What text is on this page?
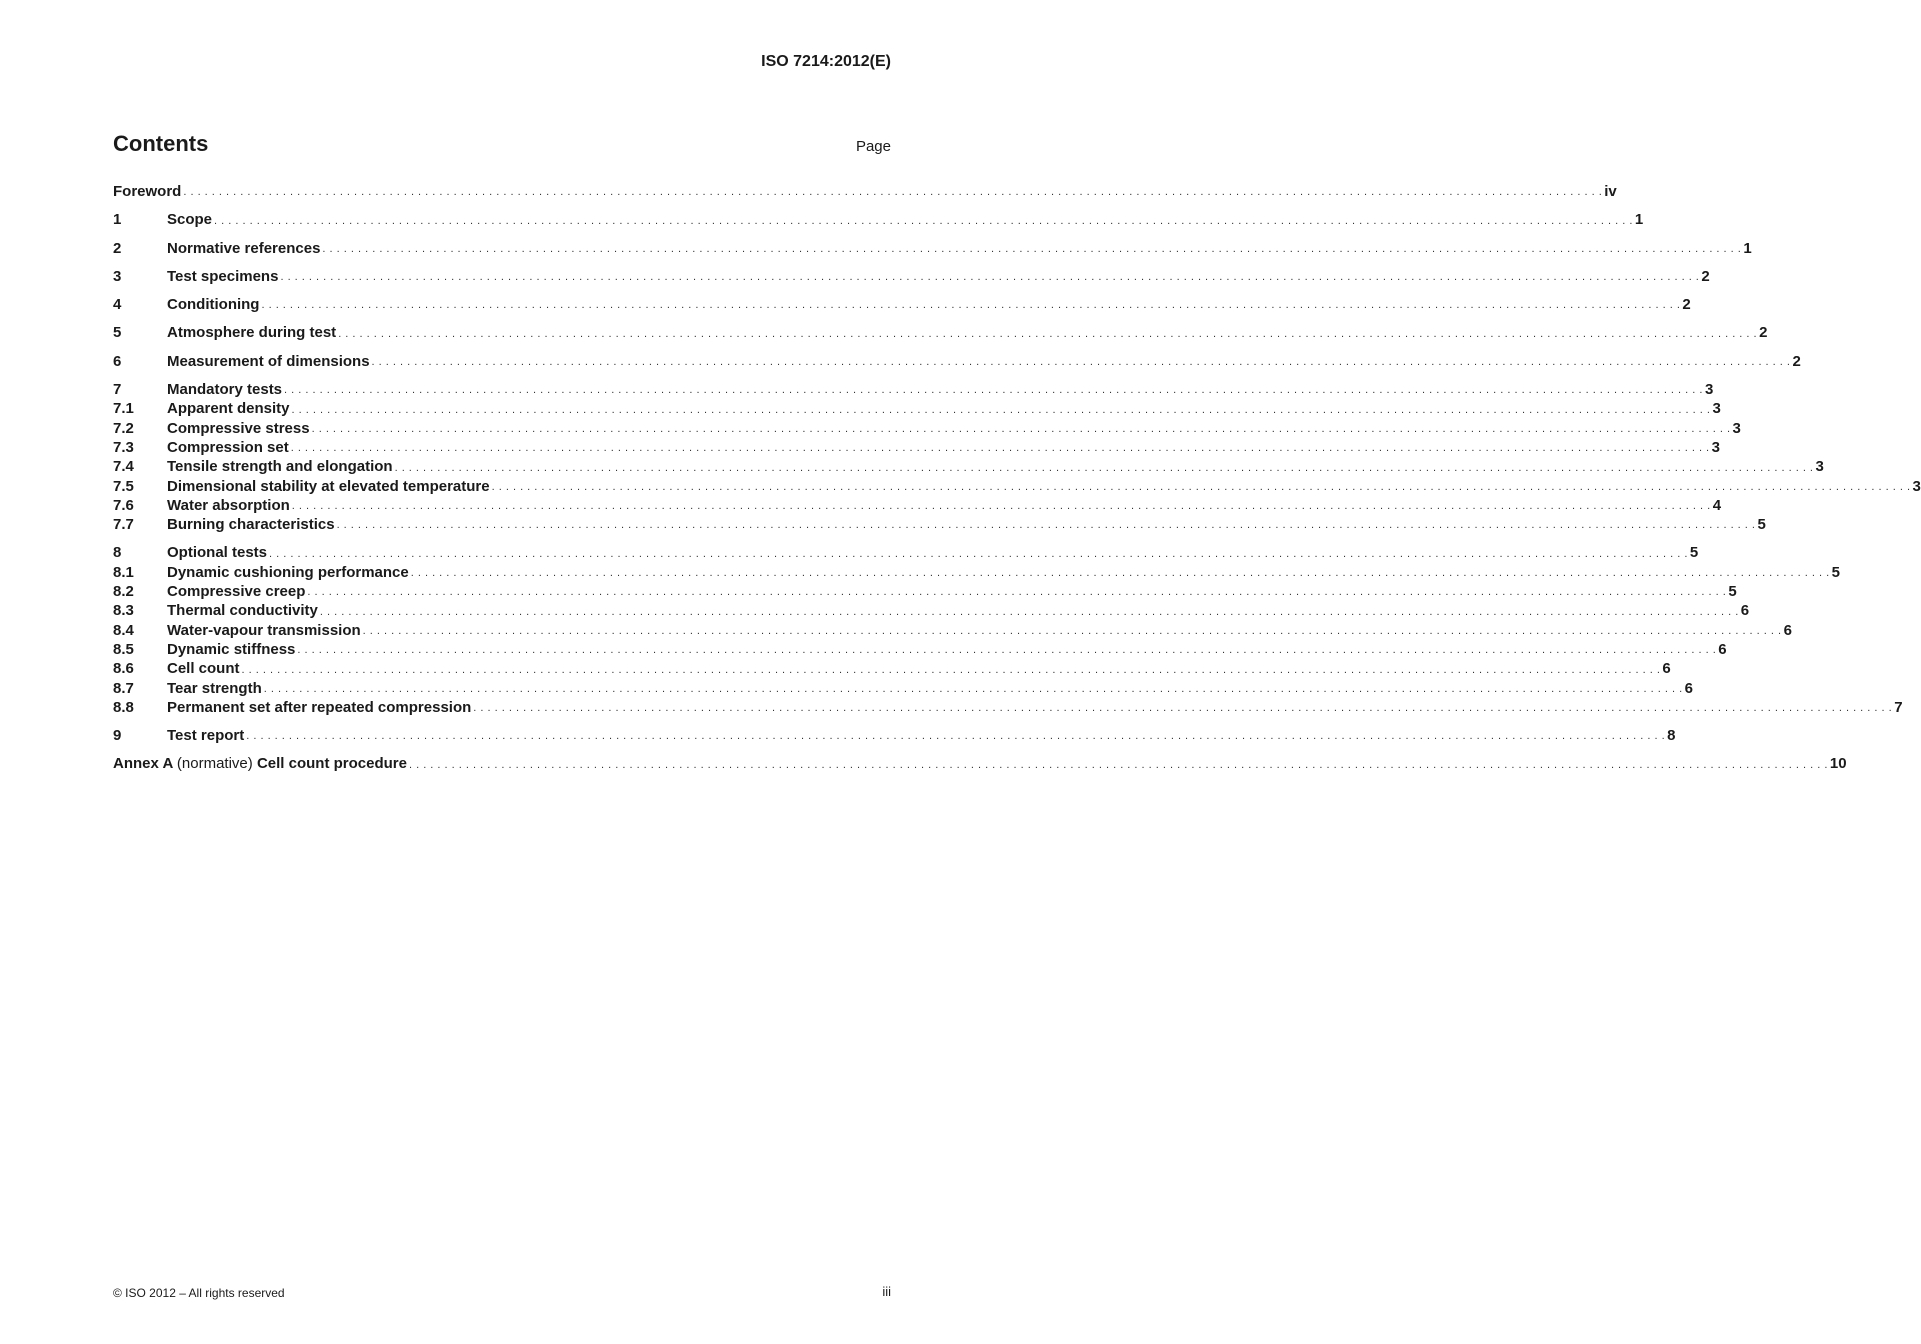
ISO 7214:2012(E)
Contents	Page
Foreword . . . . . . . . . . . . . . . . . . . . . . . . . . . . . . . . . . . . . . . . . . . . . . . . . . . . . . . . . . . . . . . . . . . . . . . . . . . . . . . . . . . . . . . . . . . . . . . . . . . . . . . . . . . . . . . . . . . . . . . . . . . . . . . . . . . . . . . . . . . . . . . . . . . . . . . . . . . . . . . . . . . . . . . . . . . . . . . . . . . . . . . . . . . . . . . . . . . . . . . . iv
1	Scope . . . . . . . . . . . . . . . . . . . . . . . . . . . . . . . . . . . . . . . . . . . . . . . . . . . . . . . . . . . . . . . . . . . . . . . . . . . . . . . . . . . . . . . . . . . . . . . . . . . . . . . . . . . . . . . . . . . . . . . . . . . . . . . . . . . . . . . . . . . . . . . . . . . . . . . . . . . . . . . . . . . . . . . . . . . . . . . . . . . . . . . . . . . . . . . . . . . . . . . . 1
2	Normative references . . . . . . . . . . . . . . . . . . . . . . . . . . . . . . . . . . . . . . . . . . . . . . . . . . . . . . . . . . . . . . . . . . . . . . . . . . . . . . . . . . . . . . . . . . . . . . . . . . . . . . . . . . . . . . . . . . . . . . . . . . . . . . . . . . . . . . . . . . . . . . . . . . . . . . . . . . . . . . . . . . . . . . . . . . . . . . . . . . . . . . . . . . . . . . . . . . . . . . . . 1
3	Test specimens . . . . . . . . . . . . . . . . . . . . . . . . . . . . . . . . . . . . . . . . . . . . . . . . . . . . . . . . . . . . . . . . . . . . . . . . . . . . . . . . . . . . . . . . . . . . . . . . . . . . . . . . . . . . . . . . . . . . . . . . . . . . . . . . . . . . . . . . . . . . . . . . . . . . . . . . . . . . . . . . . . . . . . . . . . . . . . . . . . . . . . . . . . . . . . . . . . . . . . . . 2
4	Conditioning . . . . . . . . . . . . . . . . . . . . . . . . . . . . . . . . . . . . . . . . . . . . . . . . . . . . . . . . . . . . . . . . . . . . . . . . . . . . . . . . . . . . . . . . . . . . . . . . . . . . . . . . . . . . . . . . . . . . . . . . . . . . . . . . . . . . . . . . . . . . . . . . . . . . . . . . . . . . . . . . . . . . . . . . . . . . . . . . . . . . . . . . . . . . . . . . . . . . . . . . 2
5	Atmosphere during test . . . . . . . . . . . . . . . . . . . . . . . . . . . . . . . . . . . . . . . . . . . . . . . . . . . . . . . . . . . . . . . . . . . . . . . . . . . . . . . . . . . . . . . . . . . . . . . . . . . . . . . . . . . . . . . . . . . . . . . . . . . . . . . . . . . . . . . . . . . . . . . . . . . . . . . . . . . . . . . . . . . . . . . . . . . . . . . . . . . . . . . . . . . . . . . . . . . . . . . . 2
6	Measurement of dimensions . . . . . . . . . . . . . . . . . . . . . . . . . . . . . . . . . . . . . . . . . . . . . . . . . . . . . . . . . . . . . . . . . . . . . . . . . . . . . . . . . . . . . . . . . . . . . . . . . . . . . . . . . . . . . . . . . . . . . . . . . . . . . . . . . . . . . . . . . . . . . . . . . . . . . . . . . . . . . . . . . . . . . . . . . . . . . . . . . . . . . . . . . . . . . . . . . . . . . . . . 2
7	Mandatory tests . . . . . . . . . . . . . . . . . . . . . . . . . . . . . . . . . . . . . . . . . . . . . . . . . . . . . . . . . . . . . . . . . . . . . . . . . . . . . . . . . . . . . . . . . . . . . . . . . . . . . . . . . . . . . . . . . . . . . . . . . . . . . . . . . . . . . . . . . . . . . . . . . . . . . . . . . . . . . . . . . . . . . . . . . . . . . . . . . . . . . . . . . . . . . . . . . . . . . . . . 3
7.1	Apparent density . . . . . . . . . . . . . . . . . . . . . . . . . . . . . . . . . . . . . . . . . . . . . . . . . . . . . . . . . . . . . . . . . . . . . . . . . . . . . . . . . . . . . . . . . . . . . . . . . . . . . . . . . . . . . . . . . . . . . . . . . . . . . . . . . . . . . . . . . . . . . . . . . . . . . . . . . . . . . . . . . . . . . . . . . . . . . . . . . . . . . . . . . . . . . . . . . . . . . . . . 3
7.2	Compressive stress . . . . . . . . . . . . . . . . . . . . . . . . . . . . . . . . . . . . . . . . . . . . . . . . . . . . . . . . . . . . . . . . . . . . . . . . . . . . . . . . . . . . . . . . . . . . . . . . . . . . . . . . . . . . . . . . . . . . . . . . . . . . . . . . . . . . . . . . . . . . . . . . . . . . . . . . . . . . . . . . . . . . . . . . . . . . . . . . . . . . . . . . . . . . . . . . . . . . . . . . 3
7.3	Compression set . . . . . . . . . . . . . . . . . . . . . . . . . . . . . . . . . . . . . . . . . . . . . . . . . . . . . . . . . . . . . . . . . . . . . . . . . . . . . . . . . . . . . . . . . . . . . . . . . . . . . . . . . . . . . . . . . . . . . . . . . . . . . . . . . . . . . . . . . . . . . . . . . . . . . . . . . . . . . . . . . . . . . . . . . . . . . . . . . . . . . . . . . . . . . . . . . . . . . . . . 3
7.4	Tensile strength and elongation . . . . . . . . . . . . . . . . . . . . . . . . . . . . . . . . . . . . . . . . . . . . . . . . . . . . . . . . . . . . . . . . . . . . . . . . . . . . . . . . . . . . . . . . . . . . . . . . . . . . . . . . . . . . . . . . . . . . . . . . . . . . . . . . . . . . . . . . . . . . . . . . . . . . . . . . . . . . . . . . . . . . . . . . . . . . . . . . . . . . . . . . . . . . . . . . . . . . . . . . 3
7.5	Dimensional stability at elevated temperature . . . . . . . . . . . . . . . . . . . . . . . . . . . . . . . . . . . . . . . . . . . . . . . . . . . . . . . . . . . . . . . . . . . . . . . . . . . . . . . . . . . . . . . . . . . . . . . . . . . . . . . . . . . . . . . . . . . . . . . . . . . . . . . . . . . . . . . . . . . . . . . . . . . . . . . . . . . . . . . . . . . . . . . . . . . . . . . . . . . . . . . . . . . . . . . . . . . . . . . . 3
7.6	Water absorption . . . . . . . . . . . . . . . . . . . . . . . . . . . . . . . . . . . . . . . . . . . . . . . . . . . . . . . . . . . . . . . . . . . . . . . . . . . . . . . . . . . . . . . . . . . . . . . . . . . . . . . . . . . . . . . . . . . . . . . . . . . . . . . . . . . . . . . . . . . . . . . . . . . . . . . . . . . . . . . . . . . . . . . . . . . . . . . . . . . . . . . . . . . . . . . . . . . . . . . . 4
7.7	Burning characteristics . . . . . . . . . . . . . . . . . . . . . . . . . . . . . . . . . . . . . . . . . . . . . . . . . . . . . . . . . . . . . . . . . . . . . . . . . . . . . . . . . . . . . . . . . . . . . . . . . . . . . . . . . . . . . . . . . . . . . . . . . . . . . . . . . . . . . . . . . . . . . . . . . . . . . . . . . . . . . . . . . . . . . . . . . . . . . . . . . . . . . . . . . . . . . . . . . . . . . . . . 5
8	Optional tests . . . . . . . . . . . . . . . . . . . . . . . . . . . . . . . . . . . . . . . . . . . . . . . . . . . . . . . . . . . . . . . . . . . . . . . . . . . . . . . . . . . . . . . . . . . . . . . . . . . . . . . . . . . . . . . . . . . . . . . . . . . . . . . . . . . . . . . . . . . . . . . . . . . . . . . . . . . . . . . . . . . . . . . . . . . . . . . . . . . . . . . . . . . . . . . . . . . . . . . . 5
8.1	Dynamic cushioning performance . . . . . . . . . . . . . . . . . . . . . . . . . . . . . . . . . . . . . . . . . . . . . . . . . . . . . . . . . . . . . . . . . . . . . . . . . . . . . . . . . . . . . . . . . . . . . . . . . . . . . . . . . . . . . . . . . . . . . . . . . . . . . . . . . . . . . . . . . . . . . . . . . . . . . . . . . . . . . . . . . . . . . . . . . . . . . . . . . . . . . . . . . . . . . . . . . . . . . . . . 5
8.2	Compressive creep . . . . . . . . . . . . . . . . . . . . . . . . . . . . . . . . . . . . . . . . . . . . . . . . . . . . . . . . . . . . . . . . . . . . . . . . . . . . . . . . . . . . . . . . . . . . . . . . . . . . . . . . . . . . . . . . . . . . . . . . . . . . . . . . . . . . . . . . . . . . . . . . . . . . . . . . . . . . . . . . . . . . . . . . . . . . . . . . . . . . . . . . . . . . . . . . . . . . . . . . 5
8.3	Thermal conductivity . . . . . . . . . . . . . . . . . . . . . . . . . . . . . . . . . . . . . . . . . . . . . . . . . . . . . . . . . . . . . . . . . . . . . . . . . . . . . . . . . . . . . . . . . . . . . . . . . . . . . . . . . . . . . . . . . . . . . . . . . . . . . . . . . . . . . . . . . . . . . . . . . . . . . . . . . . . . . . . . . . . . . . . . . . . . . . . . . . . . . . . . . . . . . . . . . . . . . . . . 6
8.4	Water-vapour transmission . . . . . . . . . . . . . . . . . . . . . . . . . . . . . . . . . . . . . . . . . . . . . . . . . . . . . . . . . . . . . . . . . . . . . . . . . . . . . . . . . . . . . . . . . . . . . . . . . . . . . . . . . . . . . . . . . . . . . . . . . . . . . . . . . . . . . . . . . . . . . . . . . . . . . . . . . . . . . . . . . . . . . . . . . . . . . . . . . . . . . . . . . . . . . . . . . . . . . . . . 6
8.5	Dynamic stiffness . . . . . . . . . . . . . . . . . . . . . . . . . . . . . . . . . . . . . . . . . . . . . . . . . . . . . . . . . . . . . . . . . . . . . . . . . . . . . . . . . . . . . . . . . . . . . . . . . . . . . . . . . . . . . . . . . . . . . . . . . . . . . . . . . . . . . . . . . . . . . . . . . . . . . . . . . . . . . . . . . . . . . . . . . . . . . . . . . . . . . . . . . . . . . . . . . . . . . . . . 6
8.6	Cell count . . . . . . . . . . . . . . . . . . . . . . . . . . . . . . . . . . . . . . . . . . . . . . . . . . . . . . . . . . . . . . . . . . . . . . . . . . . . . . . . . . . . . . . . . . . . . . . . . . . . . . . . . . . . . . . . . . . . . . . . . . . . . . . . . . . . . . . . . . . . . . . . . . . . . . . . . . . . . . . . . . . . . . . . . . . . . . . . . . . . . . . . . . . . . . . . . . . . . . . . 6
8.7	Tear strength . . . . . . . . . . . . . . . . . . . . . . . . . . . . . . . . . . . . . . . . . . . . . . . . . . . . . . . . . . . . . . . . . . . . . . . . . . . . . . . . . . . . . . . . . . . . . . . . . . . . . . . . . . . . . . . . . . . . . . . . . . . . . . . . . . . . . . . . . . . . . . . . . . . . . . . . . . . . . . . . . . . . . . . . . . . . . . . . . . . . . . . . . . . . . . . . . . . . . . . . 6
8.8	Permanent set after repeated compression . . . . . . . . . . . . . . . . . . . . . . . . . . . . . . . . . . . . . . . . . . . . . . . . . . . . . . . . . . . . . . . . . . . . . . . . . . . . . . . . . . . . . . . . . . . . . . . . . . . . . . . . . . . . . . . . . . . . . . . . . . . . . . . . . . . . . . . . . . . . . . . . . . . . . . . . . . . . . . . . . . . . . . . . . . . . . . . . . . . . . . . . . . . . . . . . . . . . . . . . 7
9	Test report . . . . . . . . . . . . . . . . . . . . . . . . . . . . . . . . . . . . . . . . . . . . . . . . . . . . . . . . . . . . . . . . . . . . . . . . . . . . . . . . . . . . . . . . . . . . . . . . . . . . . . . . . . . . . . . . . . . . . . . . . . . . . . . . . . . . . . . . . . . . . . . . . . . . . . . . . . . . . . . . . . . . . . . . . . . . . . . . . . . . . . . . . . . . . . . . . . . . . . . . 8
Annex A (normative) Cell count procedure . . . . . . . . . . . . . . . . . . . . . . . . . . . . . . . . . . . . . . . . . . . . . . . . . . . . . . . . . . . . . . . . . . . . . . . . . . . . . . . . . . . . . . . . . . . . . . . . . . . . . . . . . . . . . . . . . . . . . . . . . . . . . . . . . . . . . . . . . . . . . . . . . . . . . . . . . . . . . . . . . . . . . . . . . . . . . . . . . . . . . . . . . . . . . . . . . . . . . . . . 10
© ISO 2012 – All rights reserved	iii
